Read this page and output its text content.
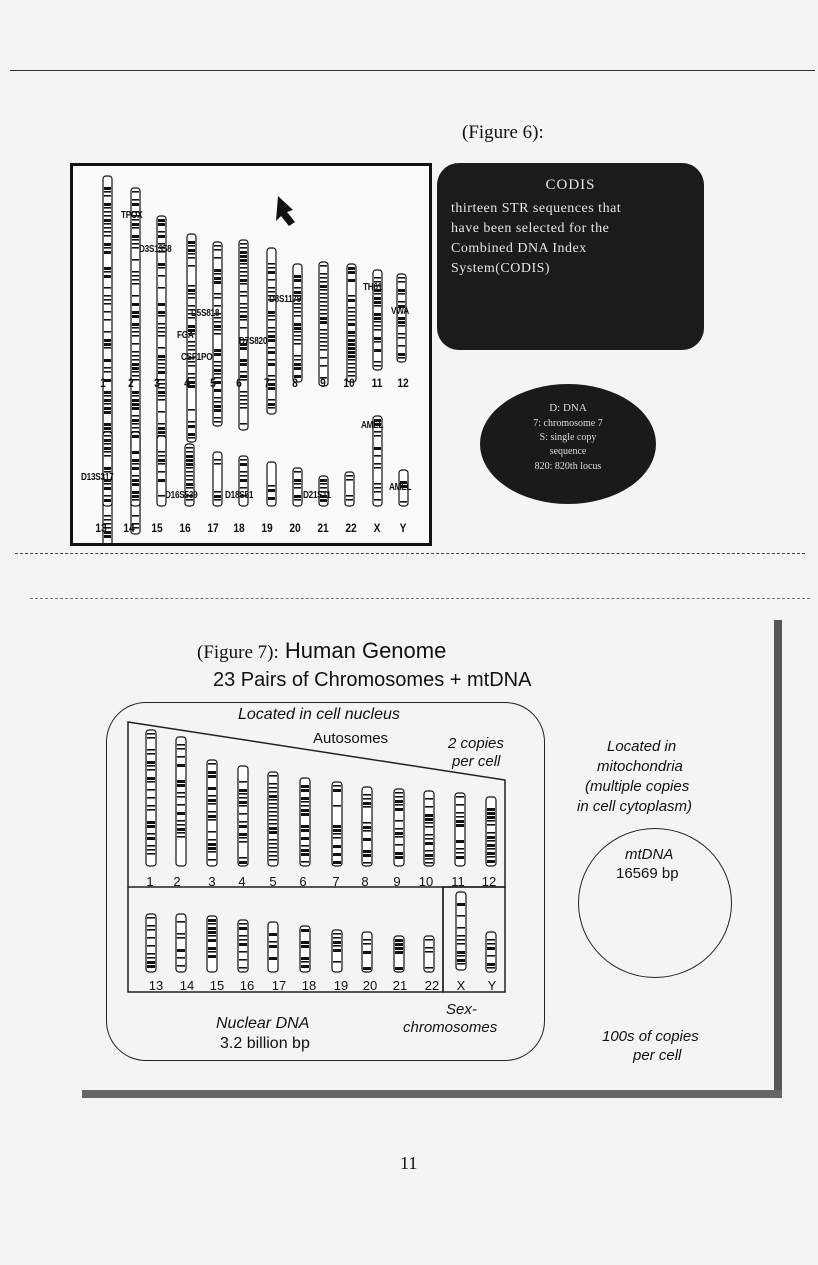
(Figure 6):
TPOX
D3S1358
D5S818
FGA
CSF1PO
D8S1179
D7S820
TH01
VWA
AMEL
D13S317
D16S539	D18S51	D21S11
AMEL
1	2	3	4	5	6	7	8	9	10 11 12
13 14 15 16 17 18 19 20 21 22	X	Y
CODIS
thirteen STR sequences that
have been selected for the
Combined DNA Index
System(CODIS)
D: DNA
7: chromosome 7
S: single copy
sequence
820: 820th locus
(Figure 7): Human Genome
23 Pairs of Chromosomes + mtDNA
Located in cell nucleus
Autosomes	2 copies
per cell
1	2	3	4	5	6	7	8	9	10	11	12
13	14	15	16	17	18	19	20	21	22	X	Y
Nuclear DNA
3.2 billion bp
Sex-
chromosomes
Located in
mitochondria
(multiple copies
in cell cytoplasm)
mtDNA
16569 bp
100s of copies
per cell
11
